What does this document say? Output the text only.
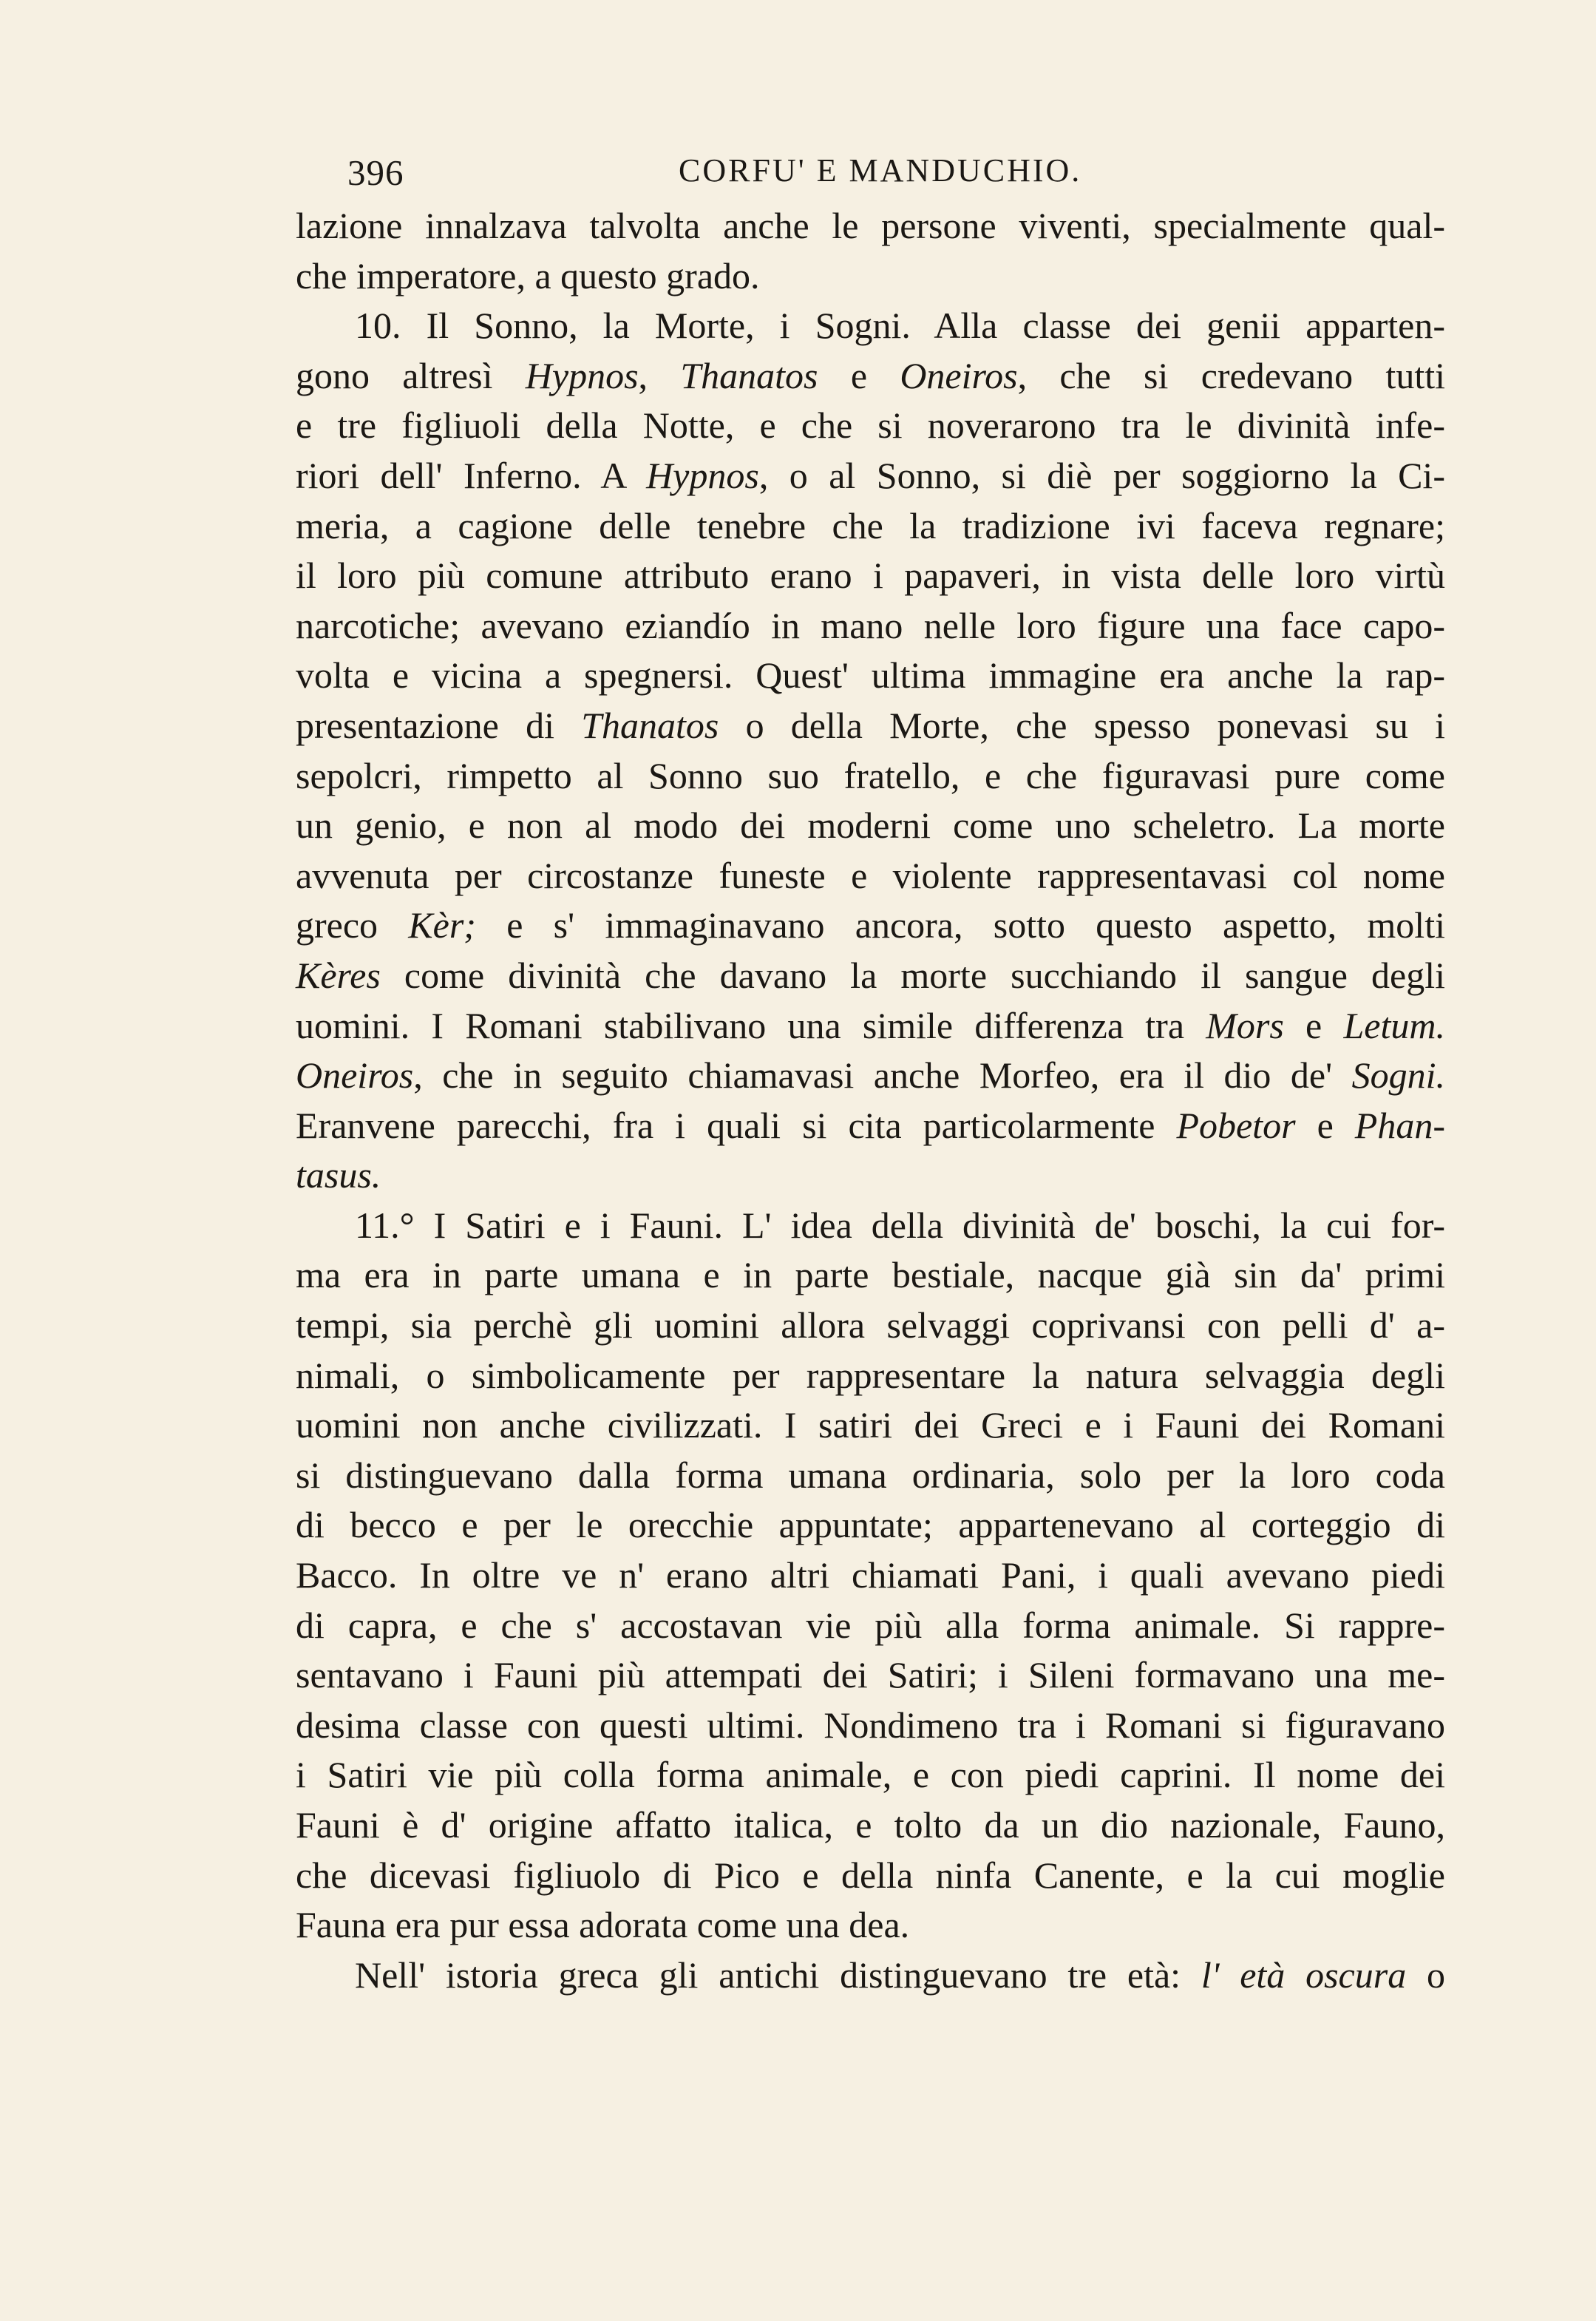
396	CORFU' E MANDUCHIO.
lazione innalzava talvolta anche le persone viventi, specialmente qual-
che imperatore, a questo grado.
10. Il Sonno, la Morte, i Sogni. Alla classe dei genii apparten-
gono altresì Hypnos, Thanatos e Oneiros, che si credevano tutti
e tre figliuoli della Notte, e che si noverarono tra le divinità infe-
riori dell' Inferno. A Hypnos, o al Sonno, si diè per soggiorno la Ci-
meria, a cagione delle tenebre che la tradizione ivi faceva regnare;
il loro più comune attributo erano i papaveri, in vista delle loro virtù
narcotiche; avevano eziandío in mano nelle loro figure una face capo-
volta e vicina a spegnersi. Quest' ultima immagine era anche la rap-
presentazione di Thanatos o della Morte, che spesso ponevasi su i
sepolcri, rimpetto al Sonno suo fratello, e che figuravasi pure come
un genio, e non al modo dei moderni come uno scheletro. La morte
avvenuta per circostanze funeste e violente rappresentavasi col nome
greco Kèr; e s' immaginavano ancora, sotto questo aspetto, molti
Kères come divinità che davano la morte succhiando il sangue degli
uomini. I Romani stabilivano una simile differenza tra Mors e Letum.
Oneiros, che in seguito chiamavasi anche Morfeo, era il dio de' Sogni.
Eranvene parecchi, fra i quali si cita particolarmente Pobetor e Phan-
tasus.
11.° I Satiri e i Fauni. L' idea della divinità de' boschi, la cui for-
ma era in parte umana e in parte bestiale, nacque già sin da' primi
tempi, sia perchè gli uomini allora selvaggi coprivansi con pelli d' a-
nimali, o simbolicamente per rappresentare la natura selvaggia degli
uomini non anche civilizzati. I satiri dei Greci e i Fauni dei Romani
si distinguevano dalla forma umana ordinaria, solo per la loro coda
di becco e per le orecchie appuntate; appartenevano al corteggio di
Bacco. In oltre ve n' erano altri chiamati Pani, i quali avevano piedi
di capra, e che s' accostavan vie più alla forma animale. Si rappre-
sentavano i Fauni più attempati dei Satiri; i Sileni formavano una me-
desima classe con questi ultimi. Nondimeno tra i Romani si figuravano
i Satiri vie più colla forma animale, e con piedi caprini. Il nome dei
Fauni è d' origine affatto italica, e tolto da un dio nazionale, Fauno,
che dicevasi figliuolo di Pico e della ninfa Canente, e la cui moglie
Fauna era pur essa adorata come una dea.
Nell' istoria greca gli antichi distinguevano tre età: l' età oscura o
